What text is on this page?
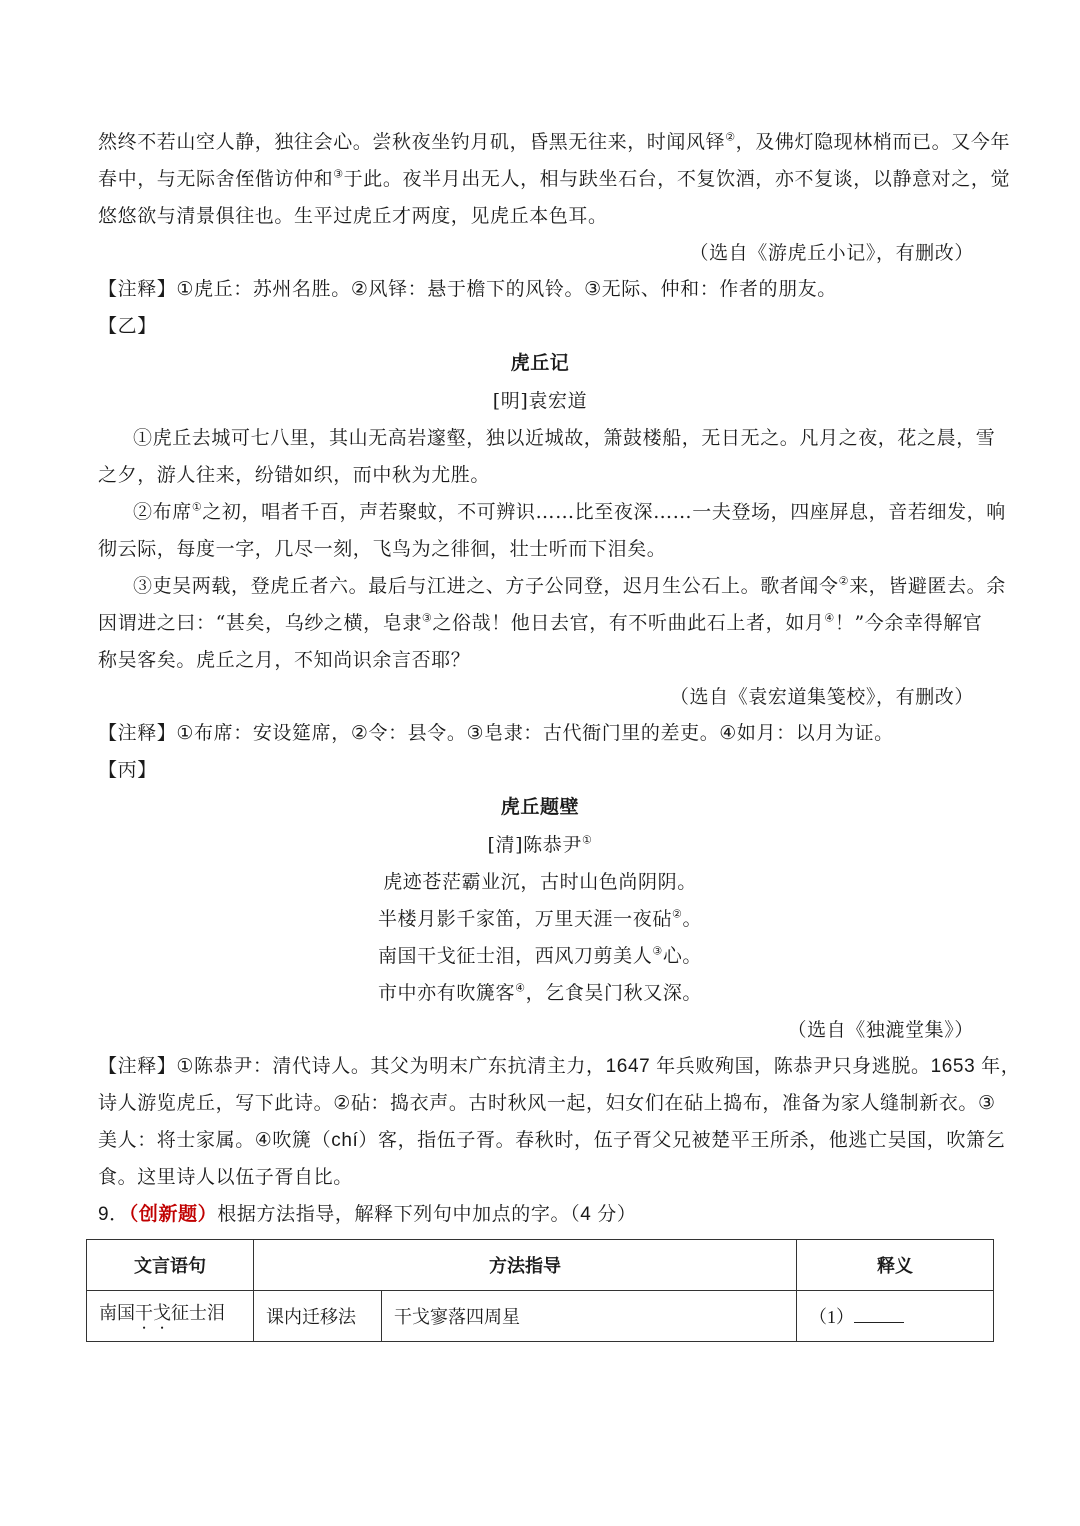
然终不若山空人静，独往会心。尝秋夜坐钓月矶，昏黑无往来，时闻风铎②，及佛灯隐现林梢而已。又今年
春中，与无际舍侄偕访仲和③于此。夜半月出无人，相与趺坐石台，不复饮酒，亦不复谈，以静意对之，觉
悠悠欲与清景俱往也。生平过虎丘才两度，见虎丘本色耳。
（选自《游虎丘小记》，有删改）
【注释】①虎丘：苏州名胜。②风铎：悬于檐下的风铃。③无际、仲和：作者的朋友。
【乙】
虎丘记
[明]袁宏道
①虎丘去城可七八里，其山无高岩邃壑，独以近城故，箫鼓楼船，无日无之。凡月之夜，花之晨，雪
之夕，游人往来，纷错如织，而中秋为尤胜。
②布席①之初，唱者千百，声若聚蚊，不可辨识……比至夜深……一夫登场，四座屏息，音若细发，响
彻云际，每度一字，几尽一刻，飞鸟为之徘徊，壮士听而下泪矣。
③吏吴两载，登虎丘者六。最后与江进之、方子公同登，迟月生公石上。歌者闻令②来，皆避匿去。余
因谓进之曰：“甚矣，乌纱之横，皂隶③之俗哉！他日去官，有不听曲此石上者，如月④！”今余幸得解官
称吴客矣。虎丘之月，不知尚识余言否耶？
（选自《袁宏道集笺校》，有删改）
【注释】①布席：安设筵席，②令：县令。③皂隶：古代衙门里的差吏。④如月：以月为证。
【丙】
虎丘题壁
[清]陈恭尹①
虎迹苍茫霸业沉，古时山色尚阴阴。
半楼月影千家笛，万里天涯一夜砧②。
南国干戈征士泪，西风刀剪美人③心。
市中亦有吹篪客④，乞食吴门秋又深。
（选自《独漉堂集》）
【注释】①陈恭尹：清代诗人。其父为明末广东抗清主力，1647 年兵败殉国，陈恭尹只身逃脱。1653 年，
诗人游览虎丘，写下此诗。②砧：捣衣声。古时秋风一起，妇女们在砧上捣布，准备为家人缝制新衣。③
美人：将士家属。④吹篪（chí）客，指伍子胥。春秋时，伍子胥父兄被楚平王所杀，他逃亡吴国，吹箫乞
食。这里诗人以伍子胥自比。
9．（创新题）根据方法指导，解释下列句中加点的字。（4 分）
文言语句	方法指导		释义
南国干戈征士泪	课内迁移法	干戈寥落四周星	（1）
